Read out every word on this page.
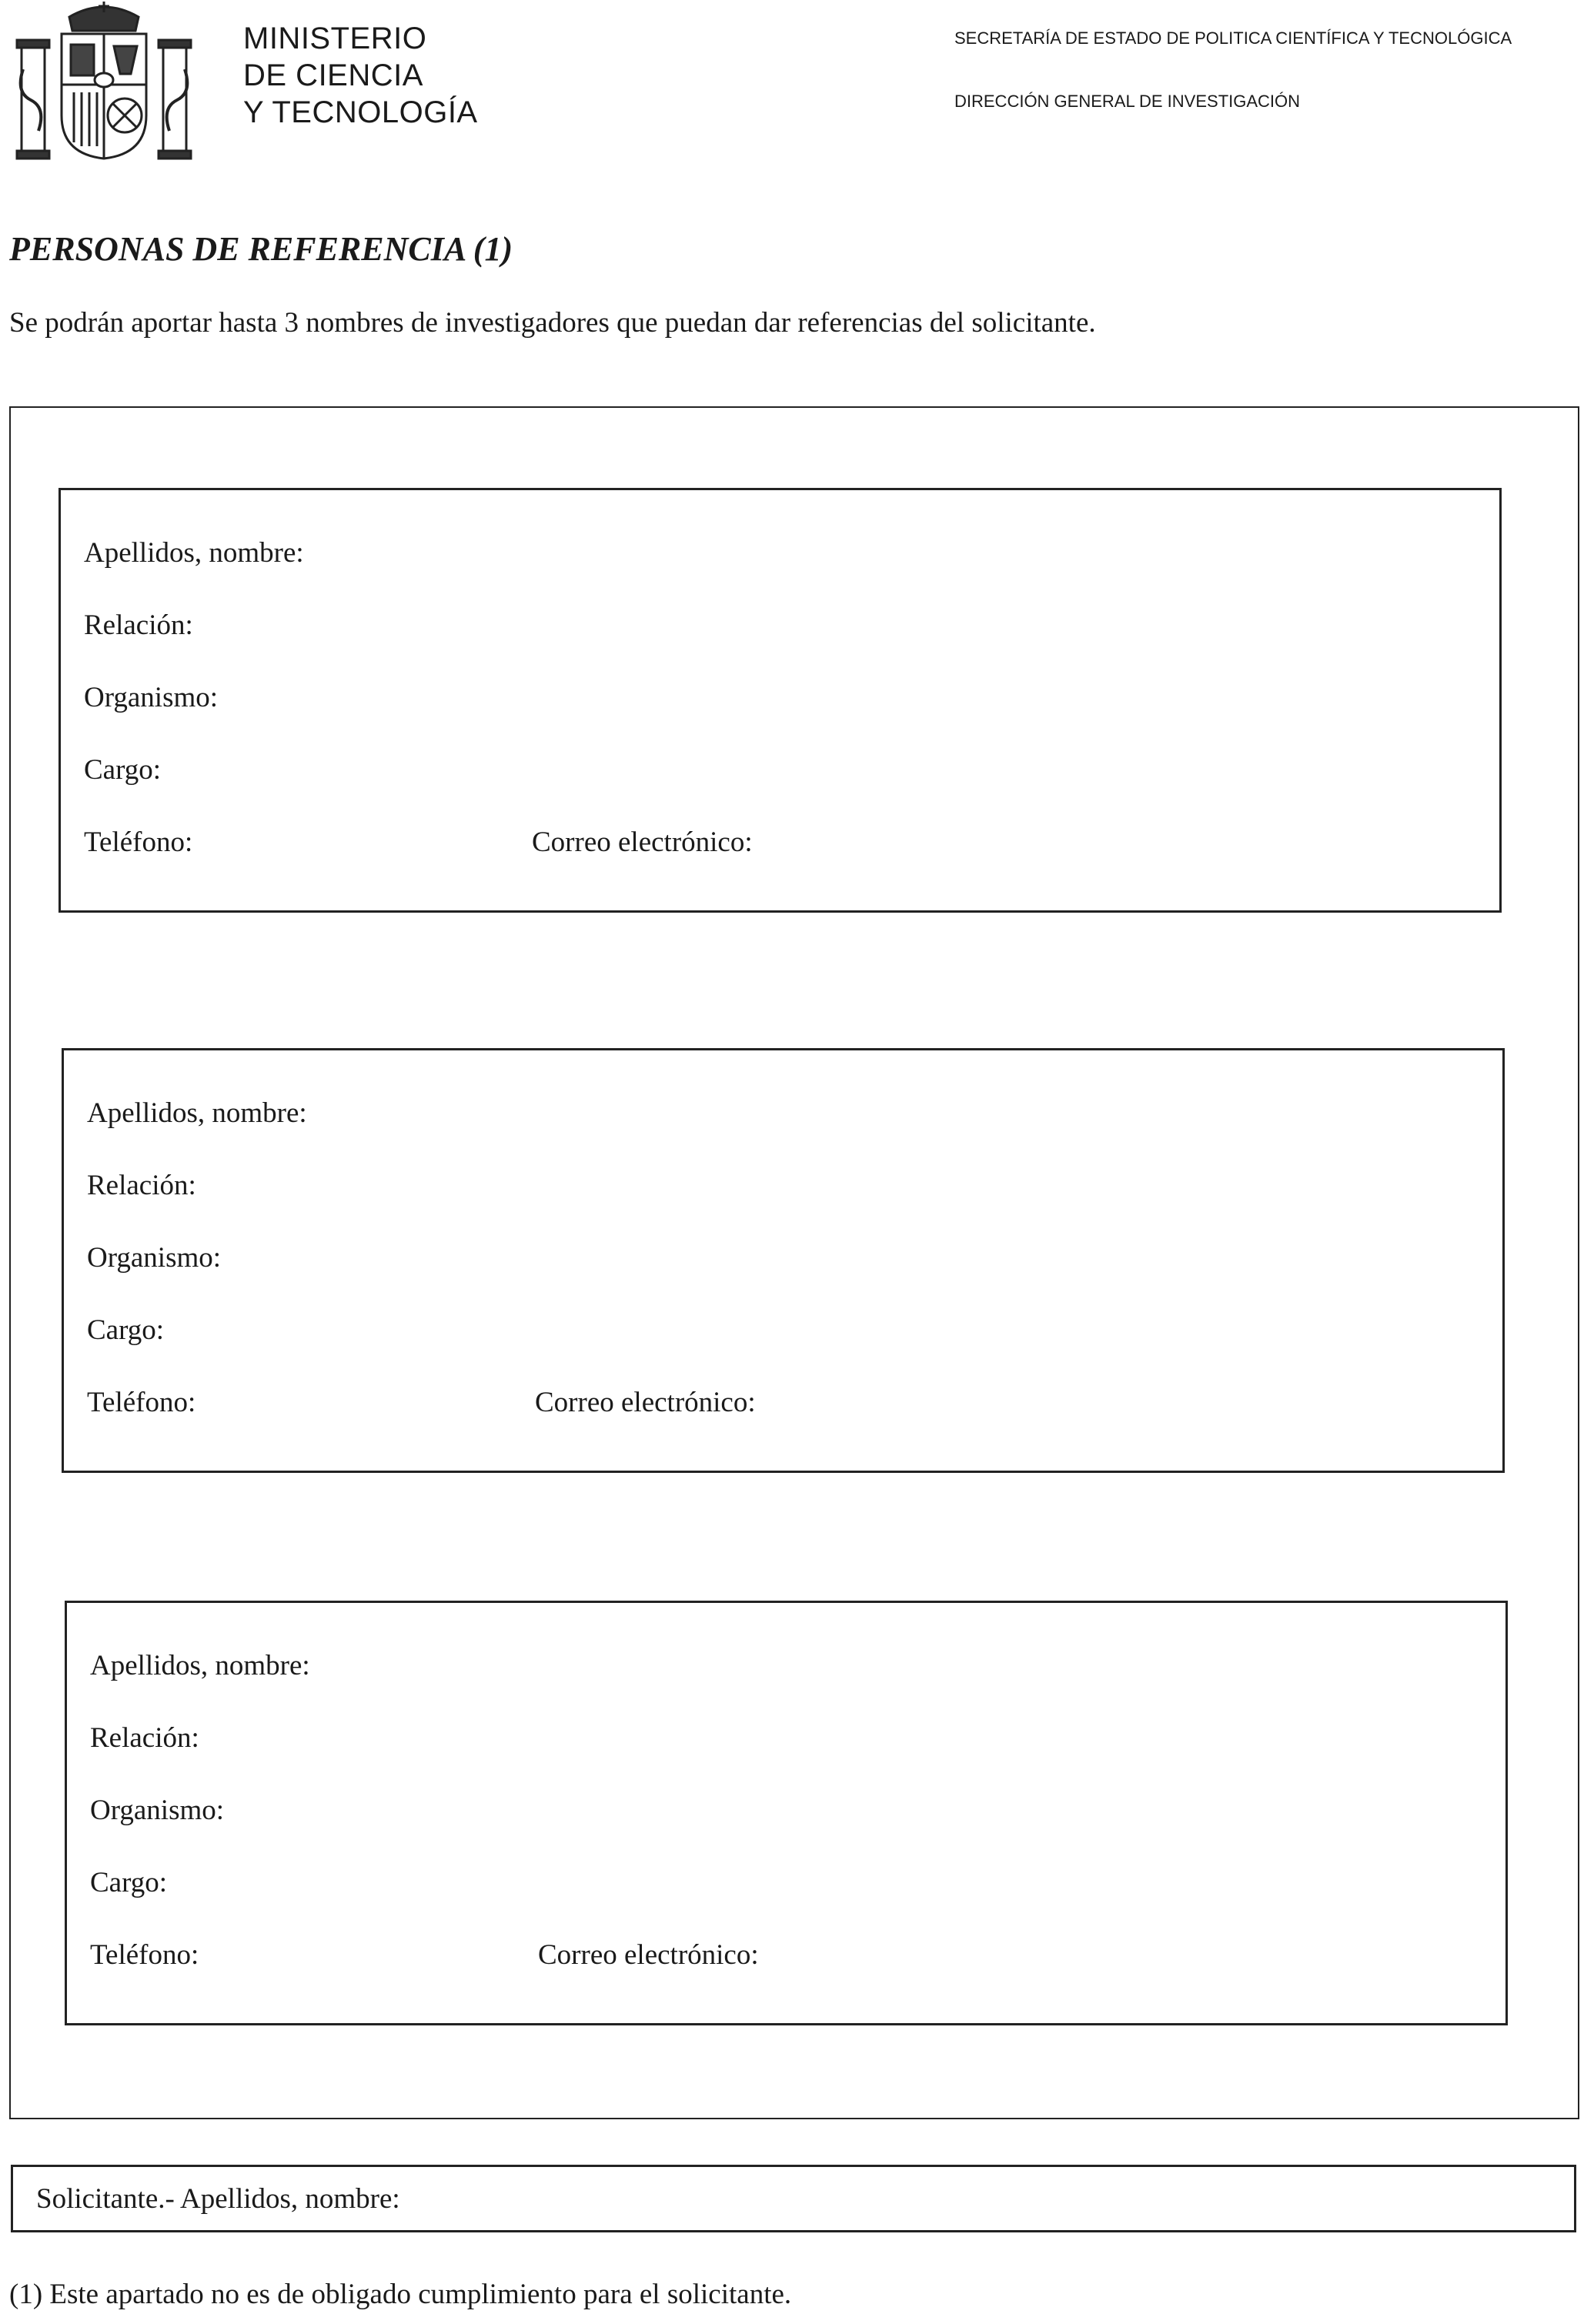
MINISTERIO
DE CIENCIA
Y TECNOLOGÍA
SECRETARÍA DE ESTADO DE POLITICA CIENTÍFICA Y TECNOLÓGICA
DIRECCIÓN GENERAL DE INVESTIGACIÓN
PERSONAS DE REFERENCIA (1)
Se podrán aportar hasta 3 nombres de investigadores que puedan dar referencias del solicitante.
Apellidos, nombre:
Relación:
Organismo:
Cargo:
Teléfono:	Correo electrónico:
Apellidos, nombre:
Relación:
Organismo:
Cargo:
Teléfono:	Correo electrónico:
Apellidos, nombre:
Relación:
Organismo:
Cargo:
Teléfono:	Correo electrónico:
Solicitante.- Apellidos, nombre:
(1) Este apartado no es de obligado cumplimiento para el solicitante.
